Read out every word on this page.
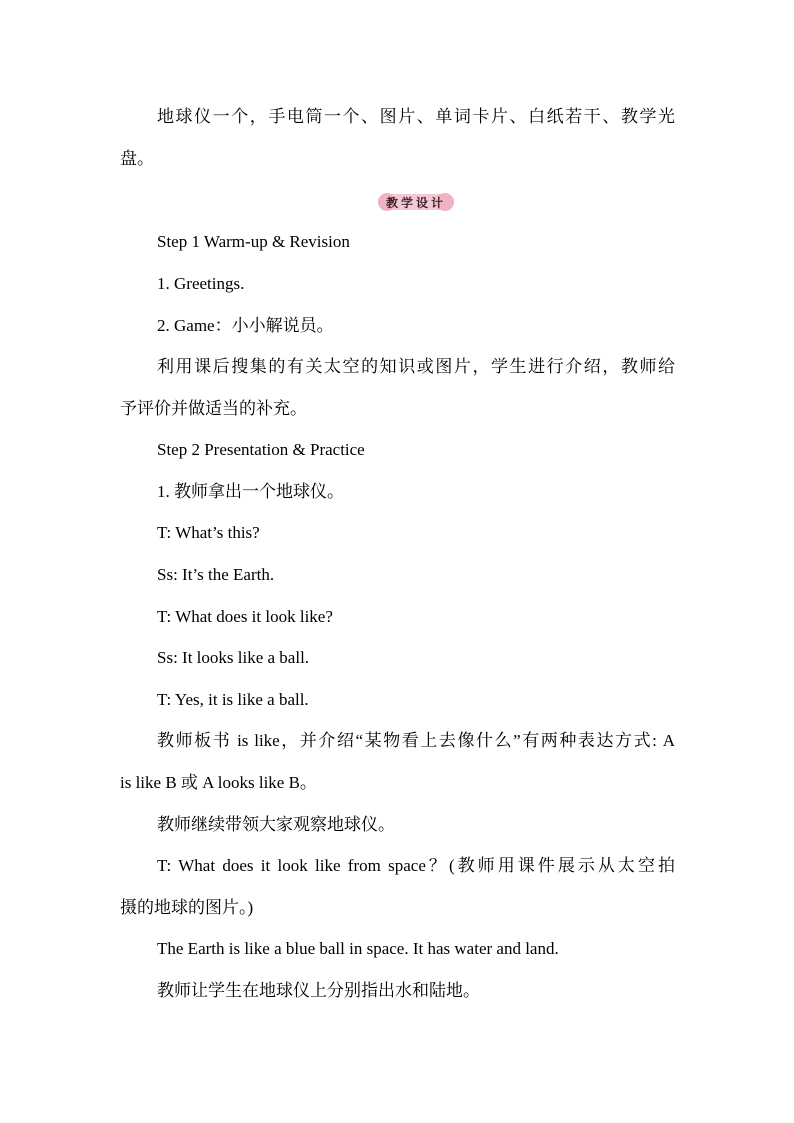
地球仪一个，手电筒一个、图片、单词卡片、白纸若干、教学光
盘。
教学设计
Step 1 Warm-up & Revision
1. Greetings.
2. Game：小小解说员。
利用课后搜集的有关太空的知识或图片，学生进行介绍，教师给
予评价并做适当的补充。
Step 2 Presentation & Practice
1. 教师拿出一个地球仪。
T: What’s this?
Ss: It’s the Earth.
T: What does it look like?
Ss: It looks like a ball.
T: Yes, it is like a ball.
教师板书 is like，并介绍“某物看上去像什么”有两种表达方式: A
is like B 或 A looks like B。
教师继续带领大家观察地球仪。
T: What does it look like from space？(教师用课件展示从太空拍
摄的地球的图片。)
The Earth is like a blue ball in space. It has water and land.
教师让学生在地球仪上分别指出水和陆地。
